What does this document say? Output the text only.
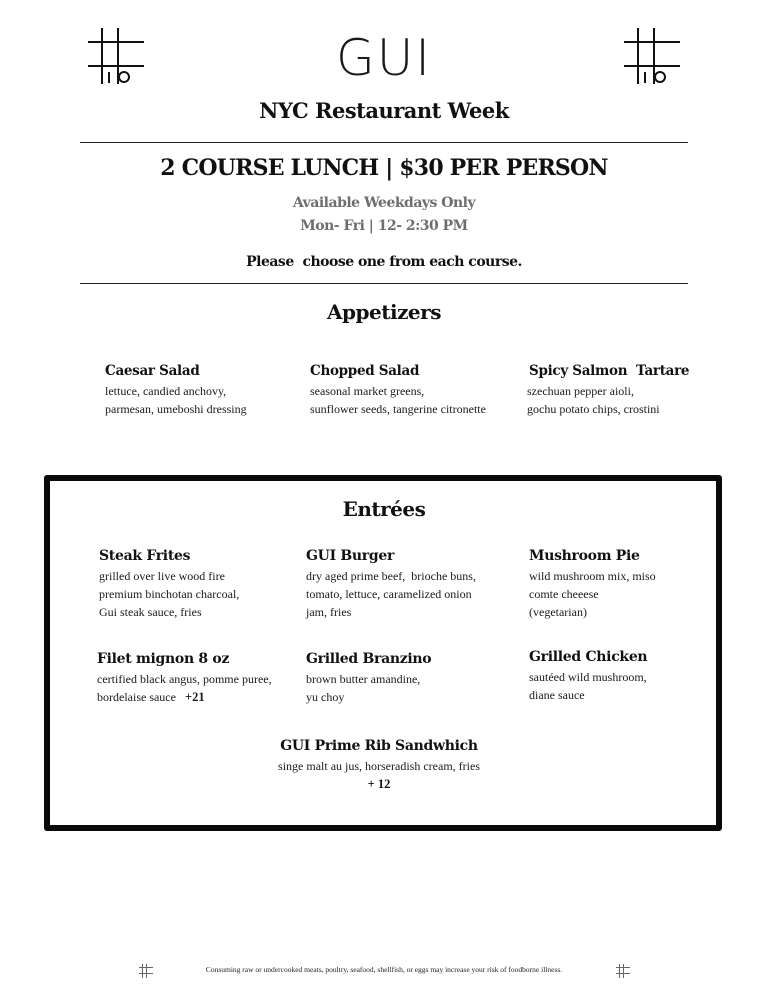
GUI
NYC Restaurant Week
2 COURSE LUNCH | $30 PER PERSON
Available Weekdays Only
Mon- Fri | 12- 2:30 PM
Please  choose one from each course.
Appetizers
Caesar Salad
lettuce, candied anchovy,
parmesan, umeboshi dressing
Chopped Salad
seasonal market greens,
sunflower seeds, tangerine citronette
Spicy Salmon  Tartare
szechuan pepper aioli,
gochu potato chips, crostini
Entrées
Steak Frites
grilled over live wood fire
premium binchotan charcoal,
Gui steak sauce, fries
GUI Burger
dry aged prime beef,  brioche buns,
tomato, lettuce, caramelized onion
jam, fries
Mushroom Pie
wild mushroom mix, miso
comte cheeese
(vegetarian)
Filet mignon 8 oz
certified black angus, pomme puree,
bordelaise sauce +21
Grilled Branzino
brown butter amandine,
yu choy
Grilled Chicken
sautéed wild mushroom,
diane sauce
GUI Prime Rib Sandwhich
singe malt au jus, horseradish cream, fries
+ 12
Consuming raw or undercooked meats, poultry, seafood, shellfish, or eggs may increase your risk of foodborne illness.
